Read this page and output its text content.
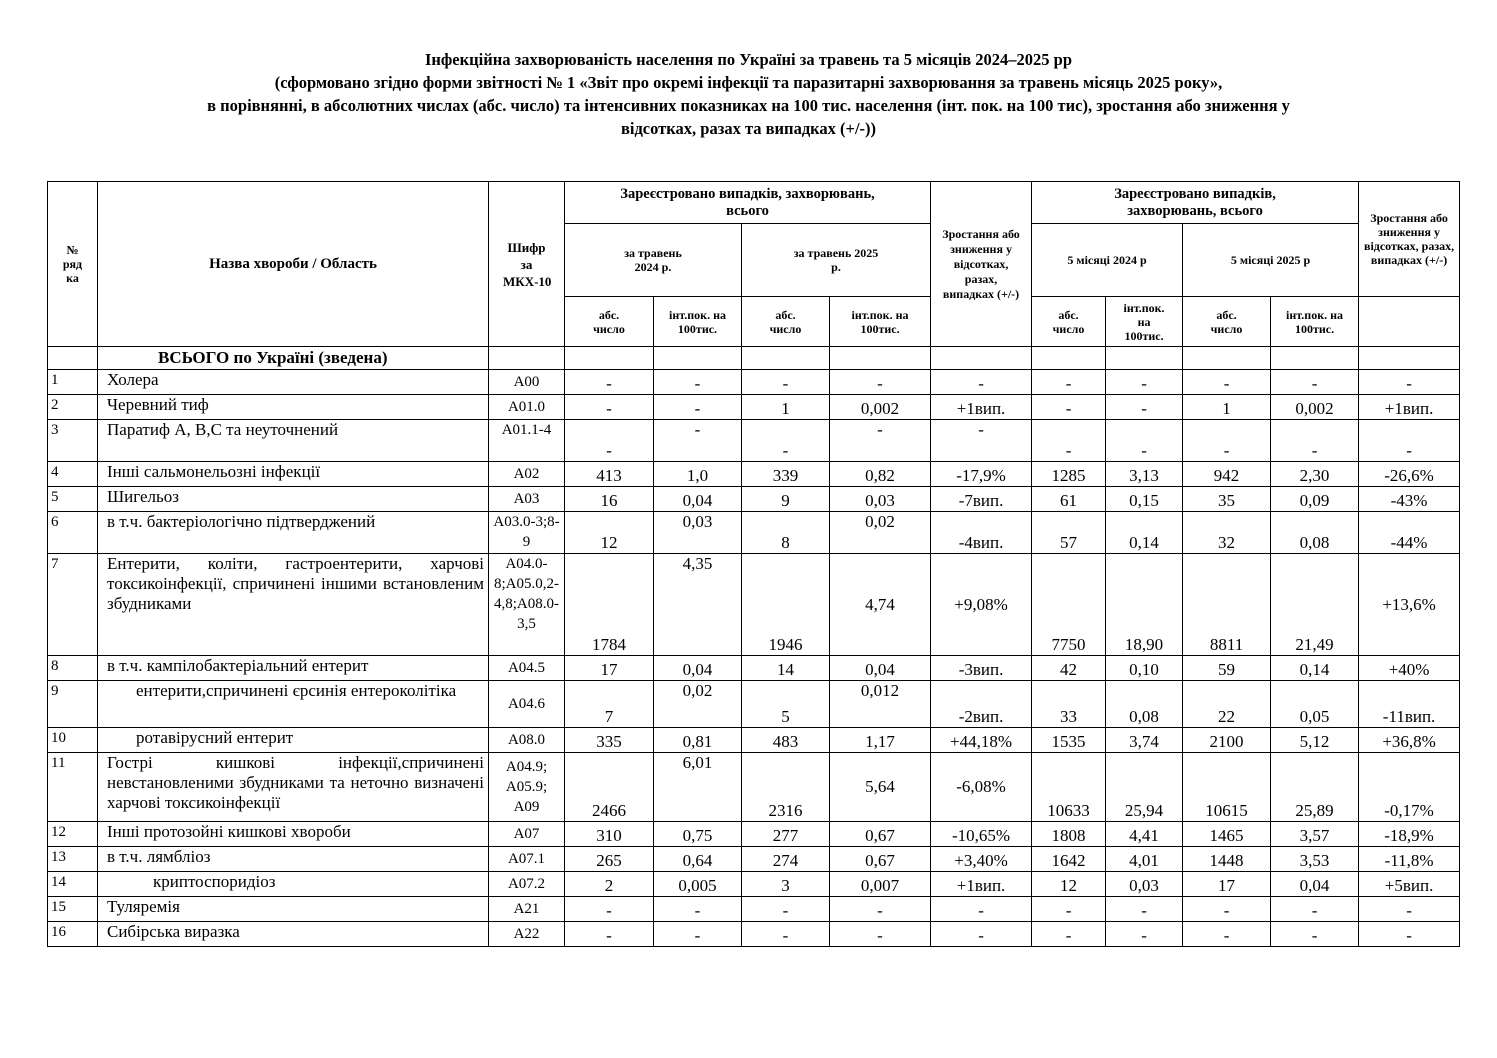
Інфекційна захворюваність населення по Україні за травень та 5 місяців 2024–2025 рр
(сформовано згідно форми звітності № 1 «Звіт про окремі інфекції та паразитарні захворювання за травень місяць 2025 року»,
в порівнянні, в абсолютних числах (абс. число) та інтенсивних показниках на 100 тис. населення (інт. пок. на 100 тис), зростання або зниження у
відсотках, разах та випадках (+/-))
№ ряд ка	Назва хвороби / Область	Шифр за МКХ-10	Зареєстровано випадків, захворювань, всього				Зростання або зниження у відсотках, разах, випадках (+/-)	Зареєстровано випадків, захворювань, всього				Зростання або зниження у відсотках, разах, випадках (+/-)
			за травень 2024 р.		за травень 2025 р.			5 місяці 2024 р		5 місяці 2025 р		
			абс. число	інт.пок. на 100тис.	абс. число	інт.пок. на 100тис.		абс. число	інт.пок. на 100тис.	абс. число	інт.пок. на 100тис.	
	ВСЬОГО по Україні (зведена)											
1	Холера	А00	-	-	-	-	-	-	-	-	-	-
2	Черевний тиф	А01.0	-	-	1	0,002	+1вип.	-	-	1	0,002	+1вип.
3	Паратиф А, В,С та неуточнений	А01.1-4	-	-	-	-	-	-	-	-	-	-
4	Інші сальмонельозні інфекції	А02	413	1,0	339	0,82	-17,9%	1285	3,13	942	2,30	-26,6%
5	Шигельоз	А03	16	0,04	9	0,03	-7вип.	61	0,15	35	0,09	-43%
6	в т.ч. бактеріологічно підтверджений	А03.0-3;8-9	12	0,03	8	0,02	-4вип.	57	0,14	32	0,08	-44%
7	Ентерити, коліти, гастроентерити, харчові токсикоінфекції, спричинені іншими встановленим збудниками	А04.0-8;А05.0,2-4,8;А08.0-3,5	1784	4,35	1946	4,74	+9,08%	7750	18,90	8811	21,49	+13,6%
8	в т.ч. кампілобактеріальний ентерит	А04.5	17	0,04	14	0,04	-3вип.	42	0,10	59	0,14	+40%
9	ентерити,спричинені єрсинія ентероколітіка	А04.6	7	0,02	5	0,012	-2вип.	33	0,08	22	0,05	-11вип.
10	ротавірусний ентерит	А08.0	335	0,81	483	1,17	+44,18%	1535	3,74	2100	5,12	+36,8%
11	Гострі кишкові інфекції,спричинені невстановленими збудниками та неточно визначені харчові токсикоінфекції	А04.9; А05.9; А09	2466	6,01	2316	5,64	-6,08%	10633	25,94	10615	25,89	-0,17%
12	Інші протозойні кишкові хвороби	А07	310	0,75	277	0,67	-10,65%	1808	4,41	1465	3,57	-18,9%
13	в т.ч. лямбліоз	А07.1	265	0,64	274	0,67	+3,40%	1642	4,01	1448	3,53	-11,8%
14	криптоспоридіоз	А07.2	2	0,005	3	0,007	+1вип.	12	0,03	17	0,04	+5вип.
15	Туляремія	А21	-	-	-	-	-	-	-	-	-	-
16	Сибірська виразка	А22	-	-	-	-	-	-	-	-	-	-
